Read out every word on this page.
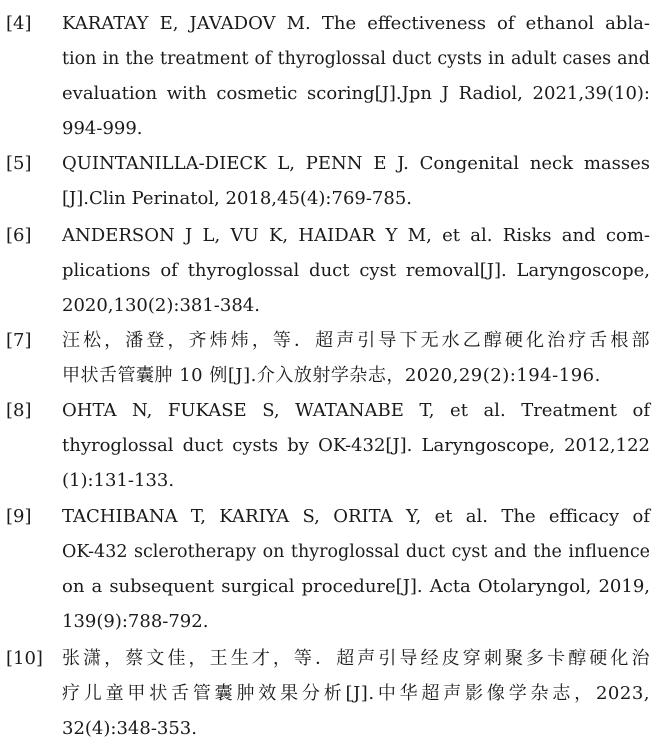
[4] KARATAY E, JAVADOV M. The effectiveness of ethanol abla-
tion in the treatment of thyroglossal duct cysts in adult cases and
evaluation with cosmetic scoring[J].Jpn J Radiol, 2021,39(10):
994-999.
[5] QUINTANILLA-DIECK L, PENN E J. Congenital neck masses
[J].Clin Perinatol, 2018,45(4):769-785.
[6] ANDERSON J L, VU K, HAIDAR Y M, et al. Risks and com-
plications of thyroglossal duct cyst removal[J]. Laryngoscope,
2020,130(2):381-384.
[7] 汪松，潘登，齐炜炜，等．超声引导下无水乙醇硬化治疗舌根部
甲状舌管囊肿 10 例[J].介入放射学杂志，2020,29(2):194-196.
[8] OHTA N, FUKASE S, WATANABE T, et al. Treatment of
thyroglossal duct cysts by OK-432[J]. Laryngoscope, 2012,122
(1):131-133.
[9] TACHIBANA T, KARIYA S, ORITA Y, et al. The efficacy of
OK-432 sclerotherapy on thyroglossal duct cyst and the influence
on a subsequent surgical procedure[J]. Acta Otolaryngol, 2019,
139(9):788-792.
[10] 张潇，蔡文佳，王生才，等．超声引导经皮穿刺聚多卡醇硬化治
疗儿童甲状舌管囊肿效果分析[J].中华超声影像学杂志，2023,
32(4):348-353.
